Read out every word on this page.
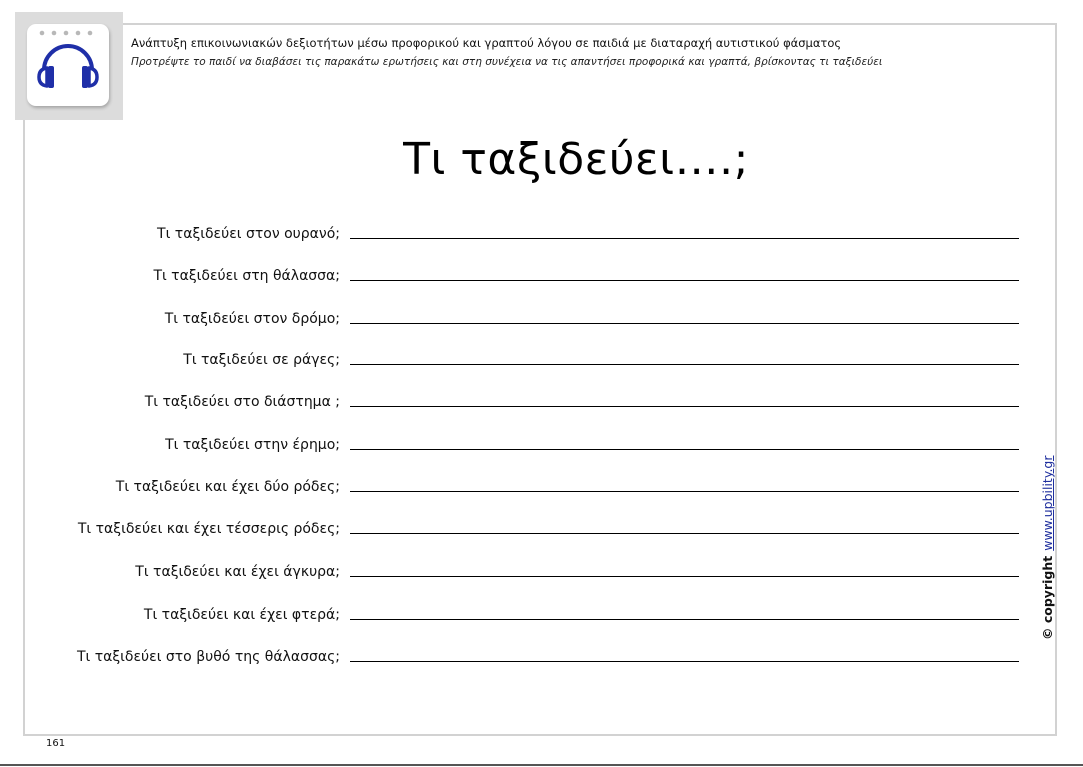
Ανάπτυξη επικοινωνιακών δεξιοτήτων μέσω προφορικού και γραπτού λόγου σε παιδιά με διαταραχή αυτιστικού φάσματος
Προτρέψτε το παιδί να διαβάσει τις παρακάτω ερωτήσεις και στη συνέχεια να τις απαντήσει προφορικά και γραπτά, βρίσκοντας τι ταξιδεύει
Τι ταξιδεύει….;
Τι ταξιδεύει στον ουρανό;
Τι ταξιδεύει στη θάλασσα;
Τι ταξιδεύει στον δρόμο;
Τι ταξιδεύει σε ράγες;
Τι ταξιδεύει στο διάστημα ;
Τι ταξιδεύει στην έρημο;
Τι ταξιδεύει και έχει δύο ρόδες;
Τι ταξιδεύει και έχει τέσσερις ρόδες;
Τι ταξιδεύει και έχει άγκυρα;
Τι ταξιδεύει και έχει φτερά;
Τι ταξιδεύει στο βυθό της θάλασσας;
© copyrightwww.upbility.gr
161
